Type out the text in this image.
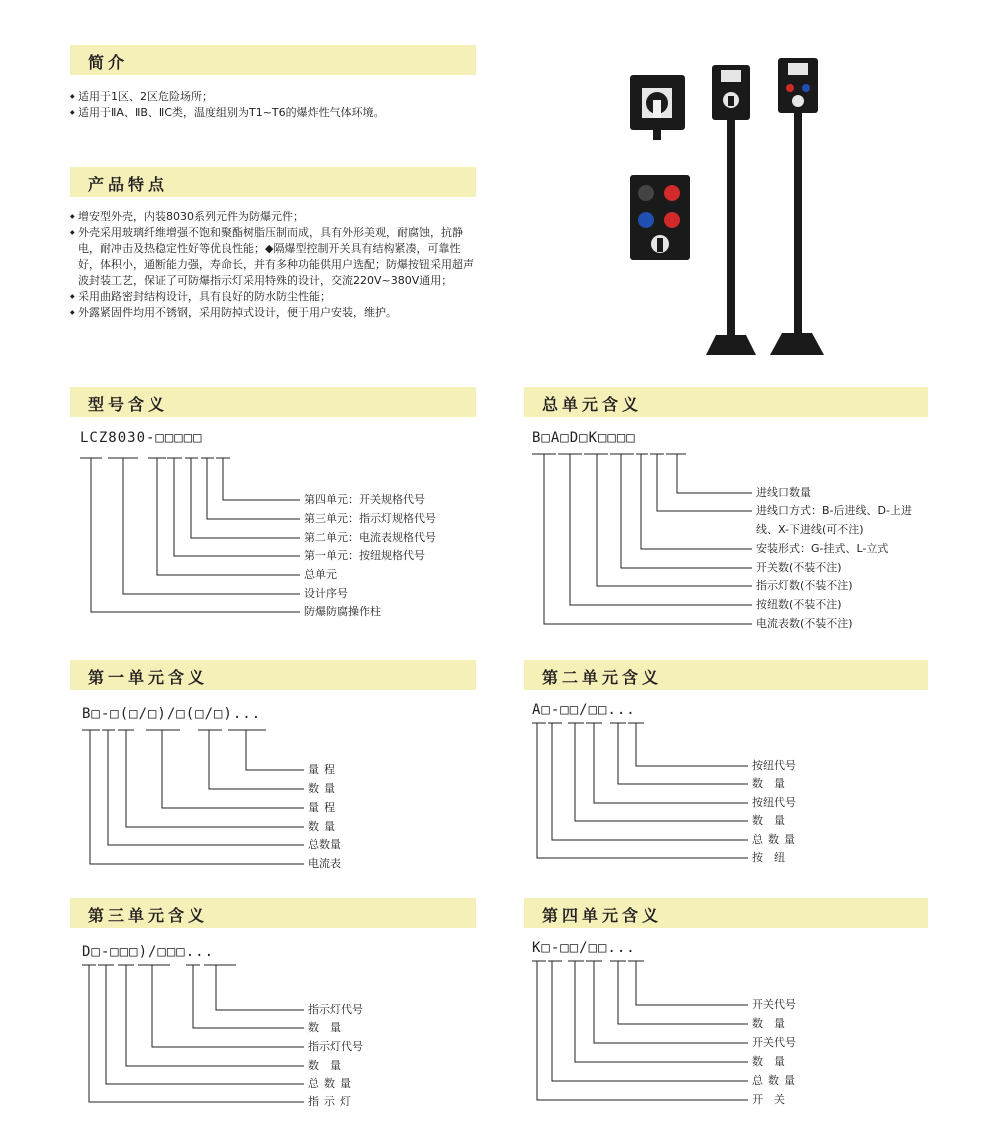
简介
产品特点
型号含义	总单元含义
第一单元含义	第二单元含义
第三单元含义	第四单元含义

◆ 适用于1区、2区危险场所；

◆ 适用于ⅡA、ⅡB、ⅡC类，温度组别为T1~T6的爆炸性气体环境。

◆ 增安型外壳，内装8030系列元件为防爆元件；

◆ 外壳采用玻璃纤维增强不饱和聚酯树脂压制而成，具有外形美观，耐腐蚀，抗静电，耐冲击及热稳定性好等优良性能；◆隔爆型控制开关具有结构紧凑，可靠性好，体积小，通断能力强，寿命长，并有多种功能供用户选配；防爆按钮采用超声波封装工艺，保证了可防爆指示灯采用特殊的设计，交流220V~380V通用；

◆ 采用曲路密封结构设计，具有良好的防水防尘性能；

◆ 外露紧固件均用不锈钢，采用防掉式设计，便于用户安装，维护。

LCZ8030-□□□□□	B□A□D□K□□□□
B□-□(□/□)/□(□/□)...	A□-□□/□□...
D□-□□□)/□□□...	K□-□□/□□...
第四单元：开关规格代号
第三单元：指示灯规格代号
第二单元：电流表规格代号
第一单元：按纽规格代号
总单元
设计序号
防爆防腐操作柱
进线口数量
进线口方式：B-后进线、D-上进
线、X-下进线(可不注)
安装形式：G-挂式、L-立式
开关数(不装不注)
指示灯数(不装不注)
按纽数(不装不注)
电流表数(不装不注)
量程
数量
量程
数量
总数量
电流表
按纽代号
数　量
按纽代号
数　量
总数量
按　纽
指示灯代号
数　量
指示灯代号
数　量
总数量
指示灯
开关代号
数　量
开关代号
数　量
总数量
开　关
